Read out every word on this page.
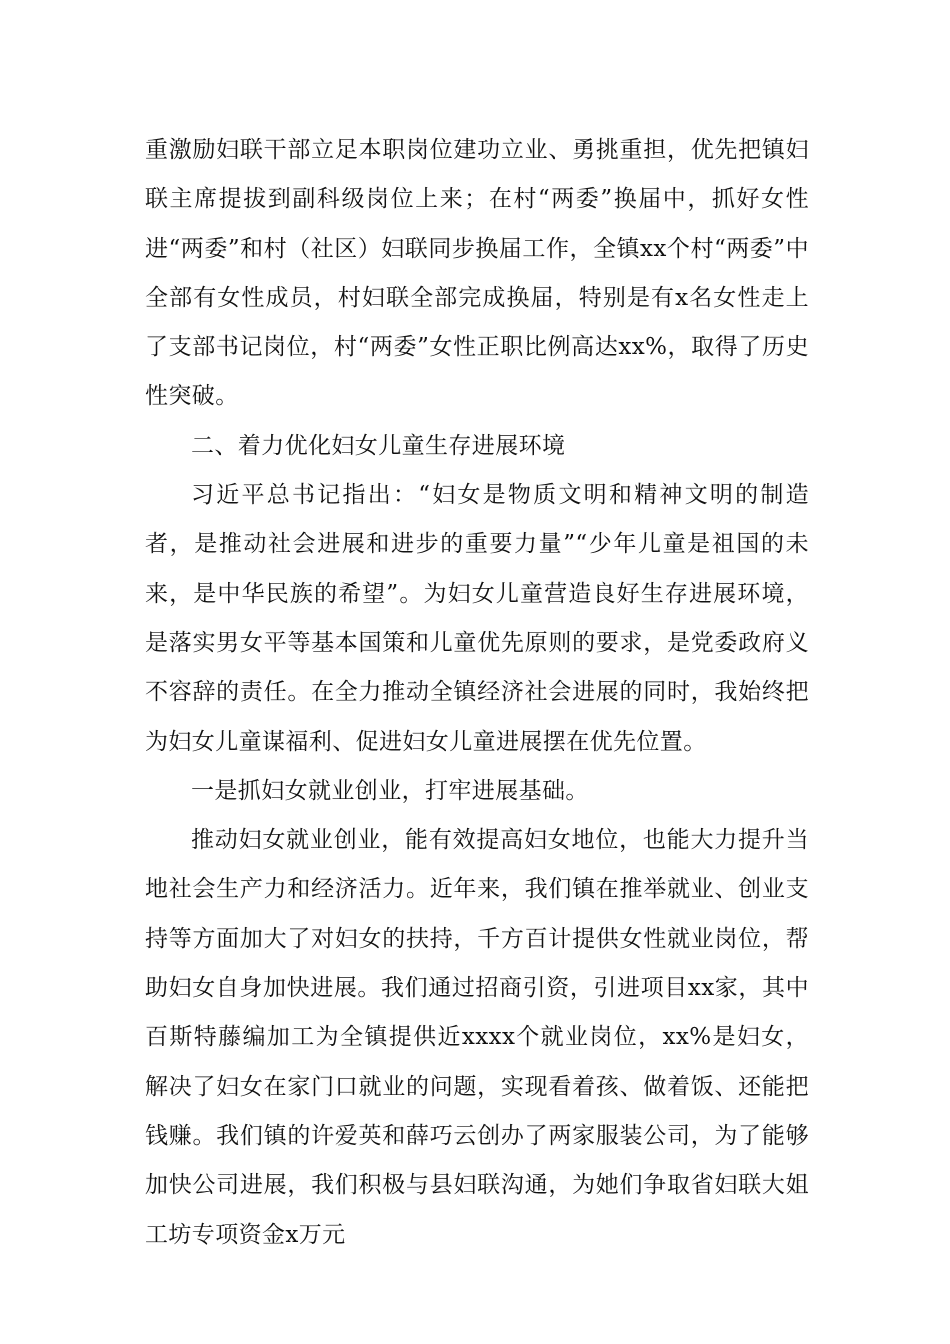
重激励妇联干部立足本职岗位建功立业、勇挑重担，优先把镇妇联主席提拔到副科级岗位上来；在村“两委”换届中，抓好女性进“两委”和村（社区）妇联同步换届工作，全镇xx个村“两委”中全部有女性成员，村妇联全部完成换届，特别是有x名女性走上了支部书记岗位，村“两委”女性正职比例高达xx%，取得了历史性突破。

二、着力优化妇女儿童生存进展环境

习近平总书记指出：“妇女是物质文明和精神文明的制造者，是推动社会进展和进步的重要力量”“少年儿童是祖国的未来，是中华民族的希望”。为妇女儿童营造良好生存进展环境，是落实男女平等基本国策和儿童优先原则的要求，是党委政府义不容辞的责任。在全力推动全镇经济社会进展的同时，我始终把为妇女儿童谋福利、促进妇女儿童进展摆在优先位置。

一是抓妇女就业创业，打牢进展基础。

推动妇女就业创业，能有效提高妇女地位，也能大力提升当地社会生产力和经济活力。近年来，我们镇在推举就业、创业支持等方面加大了对妇女的扶持，千方百计提供女性就业岗位，帮助妇女自身加快进展。我们通过招商引资，引进项目xx家，其中百斯特藤编加工为全镇提供近xxxx个就业岗位，xx%是妇女，解决了妇女在家门口就业的问题，实现看着孩、做着饭、还能把钱赚。我们镇的许爱英和薛巧云创办了两家服装公司，为了能够加快公司进展，我们积极与县妇联沟通，为她们争取省妇联大姐工坊专项资金x万元
